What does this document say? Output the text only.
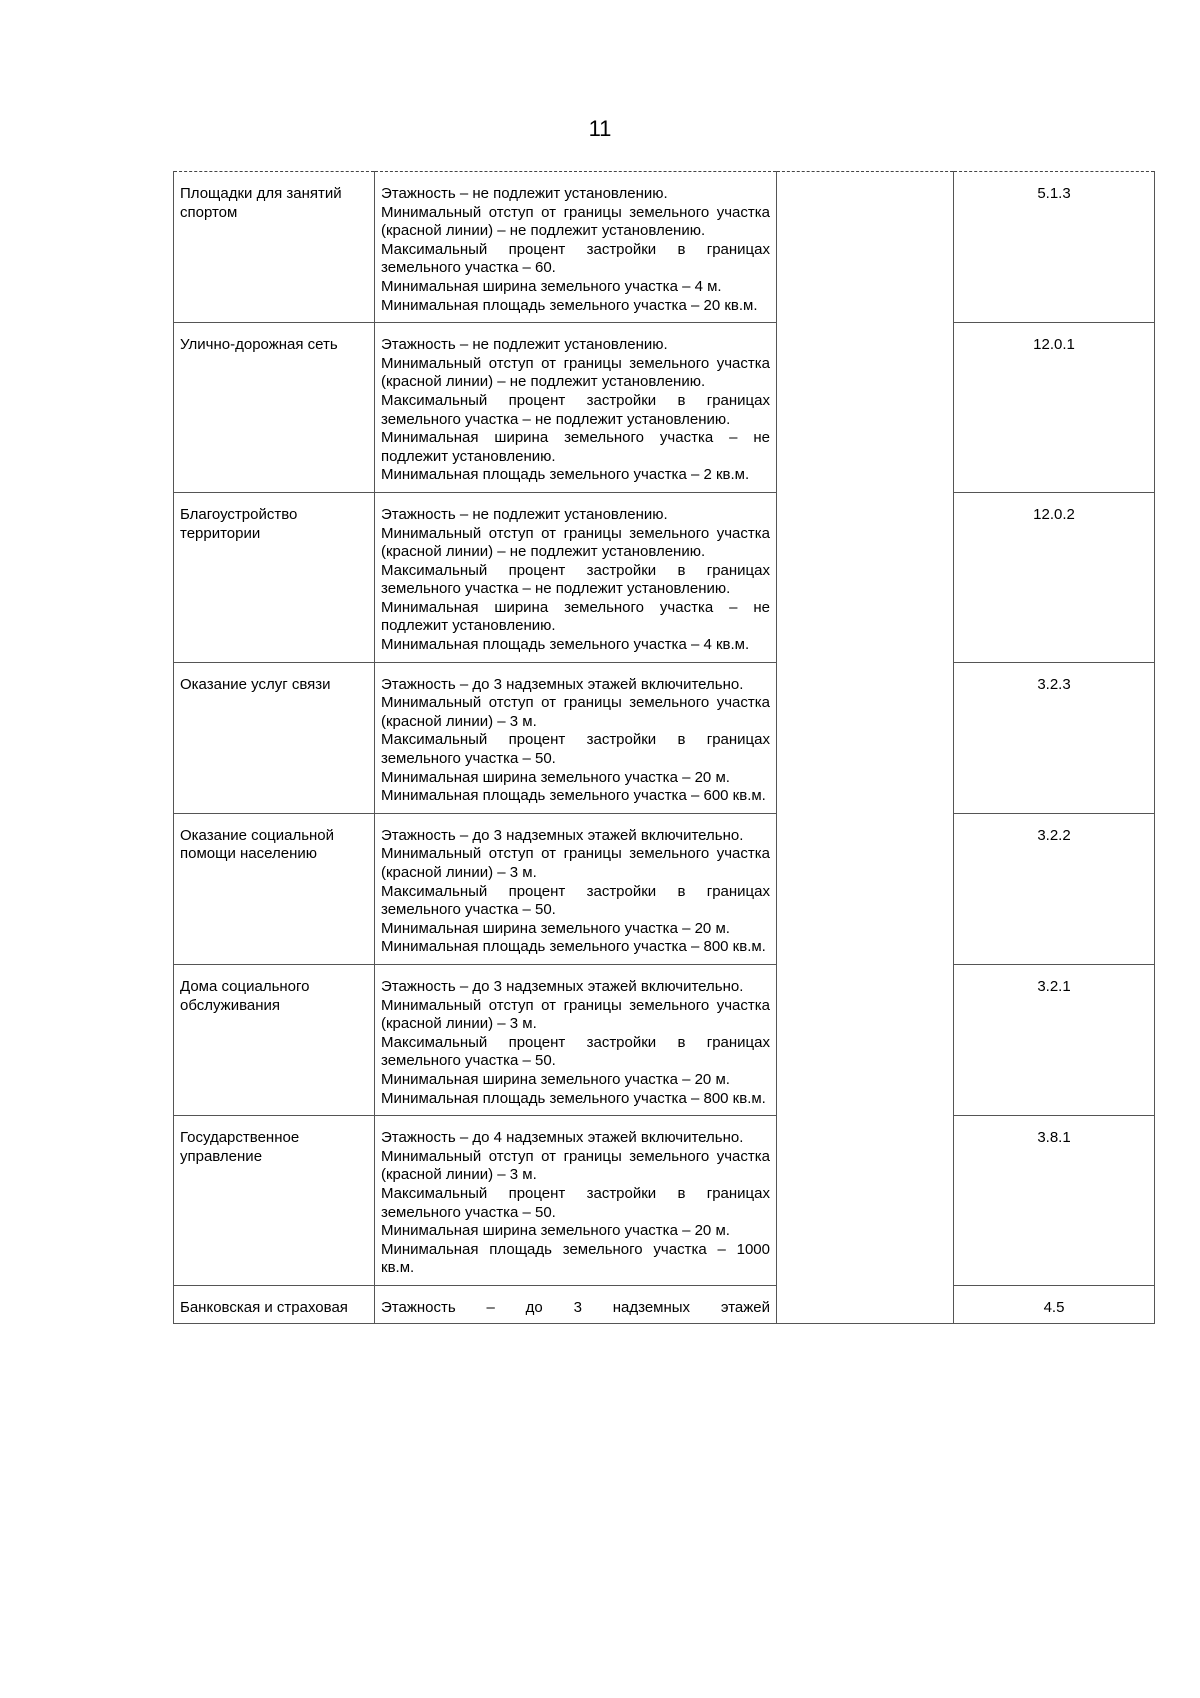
11
Площадки для занятий спортом	Этажность – не подлежит установлению.
Минимальный отступ от границы земельного участка (красной линии) – не подлежит установлению.
Максимальный процент застройки в границах земельного участка – 60.
Минимальная ширина земельного участка – 4 м.
Минимальная площадь земельного участка – 20 кв.м.		5.1.3
Улично-дорожная сеть	Этажность – не подлежит установлению.
Минимальный отступ от границы земельного участка (красной линии) – не подлежит установлению.
Максимальный процент застройки в границах земельного участка – не подлежит установлению.
Минимальная ширина земельного участка – не подлежит установлению.
Минимальная площадь земельного участка – 2 кв.м.		12.0.1
Благоустройство территории	Этажность – не подлежит установлению.
Минимальный отступ от границы земельного участка (красной линии) – не подлежит установлению.
Максимальный процент застройки в границах земельного участка – не подлежит установлению.
Минимальная ширина земельного участка – не подлежит установлению.
Минимальная площадь земельного участка – 4 кв.м.		12.0.2
Оказание услуг связи	Этажность – до 3 надземных этажей включительно.
Минимальный отступ от границы земельного участка (красной линии) – 3 м.
Максимальный процент застройки в границах земельного участка – 50.
Минимальная ширина земельного участка – 20 м.
Минимальная площадь земельного участка – 600 кв.м.		3.2.3
Оказание социальной помощи населению	Этажность – до 3 надземных этажей включительно.
Минимальный отступ от границы земельного участка (красной линии) – 3 м.
Максимальный процент застройки в границах земельного участка – 50.
Минимальная ширина земельного участка – 20 м.
Минимальная площадь земельного участка – 800 кв.м.		3.2.2
Дома социального обслуживания	Этажность – до 3 надземных этажей включительно.
Минимальный отступ от границы земельного участка (красной линии) – 3 м.
Максимальный процент застройки в границах земельного участка – 50.
Минимальная ширина земельного участка – 20 м.
Минимальная площадь земельного участка – 800 кв.м.		3.2.1
Государственное управление	Этажность – до 4 надземных этажей включительно.
Минимальный отступ от границы земельного участка (красной линии) – 3 м.
Максимальный процент застройки в границах земельного участка – 50.
Минимальная ширина земельного участка – 20 м.
Минимальная площадь земельного участка – 1000 кв.м.		3.8.1
Банковская и страховая	Этажность – до 3 надземных этажей		4.5
